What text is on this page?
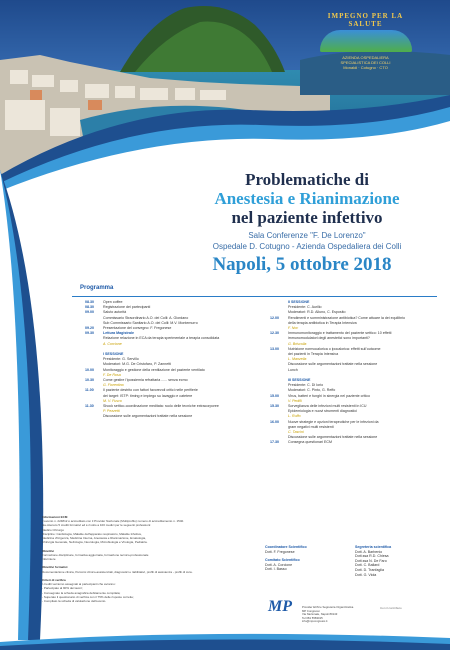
IMPEGNO PER LA SALUTE
AZIENDA OSPEDALIERA
SPECIALISTICA DEI COLLI
Monaldi · Cotugno · CTO
Problematiche di
Anestesia e Rianimazione
nel paziente infettivo
Sala Conferenze "F. De Lorenzo"
Ospedale D. Cotugno - Azienda Ospedaliera dei Colli
Napoli, 5 ottobre 2018
Programma
08.30	Open coffee
08.30	Registrazione dei partecipanti
09.00	Saluto autorità
Commissario Straordinario A.O. dei Colli: A. Giordano
Sub Commissario Sanitario A.O. dei Colli: M.V. Montemurro
09.20	Presentazione del convegno: F. Fregonese
09.30	Lettura Magistrale
Relazione relazione in ECA da terapia sperimentale a terapia consolidata
A. Corcione

I SESSIONE
Presidente: G. Servillo
Moderatori: M.G. De Cristofaro, P. Zannetti
10.00	Monitoraggio e gestione della ventilazione del paziente ventilato
F. De Rosa
10.30	Come gestire l'ipossiemia refrattaria ...... senza ecmo
G. Fiorentino
11.00	Il paziente destrito con fattori favorevoli critici nelle perifierie
dei target: ISTP: timing e impiego su lavaggio e catetere
M. V. Fusco
11.30	Shock settico-coordinazione meditata: ruolo delle tecniche extracorporee
P. Pezzetti
Discussione sulle argomentazioni trattate nella sessione
II SESSIONE
Presidente: C. Aurilio
Moderatori: R.D. Alluno, C. Esposito
12.00	Rendimenti e somministrazione antibiotica? Come attuare la dei equilibrio
della terapia antibiotica in Terapia Intensiva
F. Noc
12.30	Immunomonitoraggio e trattamento del paziente settico: 10 effetti
immunomodulatori degli anestetici sono importanti?
G. Briscolla
13.00	Nutrizione normocalorica o ipocalorica: effetti sull'outcome
dei pazienti in Terapia Intensiva
L. Manzella
Discussione sulle argomentazioni trattate nella sessione
Lunch

III SESSIONE
Presidente: C. Di Iorio
Moderatori: C. Pinto, G. Reffo
15.00	Virus, batteri e funghi in sinergia nel paziente critico
V. Pedilli
15.30	Sorveglianza delle infezioni multi resistenti in ICU
Epidemiologia e nuovi strumenti diagnostici
L. Ruffo
16.00	Nuove strategie e opzioni terapeutiche per le infezioni da
gram negativi multi resistenti
C. Tascini
Discussione sulle argomentazioni trattate nella sessione
17.30	Consegna questionari ECM
Informazioni ECM
L'evento n. 224812 è accreditato con il Provider Nazionale (Multiprofilo) numero di accreditamento n. 1540.
Ha ottenuto 5 crediti formativi ed è rivolto a 100 medici per le seguenti professioni:
Medico Chirurgo
Discipline: Cardiologia, Malattie dell'apparato respiratorio, Malattie Infettive,
Medicina d'Urgenza, Medicina Interna, Anestesia e Rianimazione, Ematologia,
Chirurgia Generale, Nefrologia, Neurologia, Microbiologia e Virologia, Pediatria.

Obiettivi
Formazione disciplinare, formativa aggiornata, formazione tecnico-professionale
Infermiere

Obiettivi formativi
Documentazione clinica, Percorsi clinico-assistenziali, diagnostici e riabilitativi, profili di assistenza - profili di cura.

Criteri di verifica
I crediti verranno assegnati ai partecipanti che avranno:
- Partecipato al 90% dei lavori;
- Consegnato la scheda anagrafica debitamente compilata;
- Superato il questionario di verifica con il 75% delle risposte corrette;
- Compilato la scheda di valutazione dell'evento.
Coordinatore Scientifico
Dott. F. Fregonese
Comitato Scientifico
Dott. A. Corcione
Dott. I. Basso
Segreteria scientifica
Dott. A. Barbenio
Dott.ssa R.D. Chiesa
Dott.ssa N. De Faro
Dott. C. Ballard
Dott. D. Tranfaglia
Dott. G. Viola
MP	Provider ECM e Segreteria Organizzativa
MP Congressi
Via Nazionale, Napoli 80143
Tel 081 5583015
info@mpcongressi.it
Con il contributo
